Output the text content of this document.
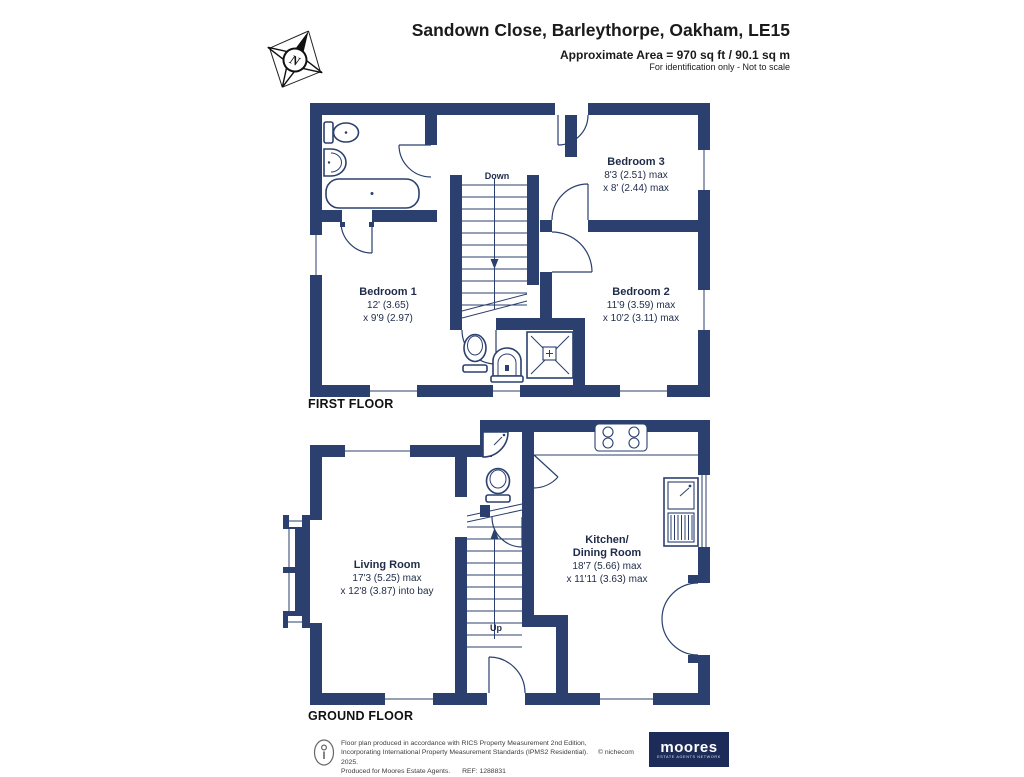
N
Sandown Close, Barleythorpe, Oakham, LE15
Approximate Area = 970 sq ft / 90.1 sq m
For identification only - Not to scale
Down
Bedroom 1
12' (3.65)
x 9'9 (2.97)
Bedroom 2
11'9 (3.59) max
x 10'2 (3.11) max
Bedroom 3
8'3 (2.51) max
x 8' (2.44) max
FIRST FLOOR
Up
Living Room
17'3 (5.25) max
x 12'8 (3.87) into bay
Kitchen/
Dining Room
18'7 (5.66) max
x 11'11 (3.63) max
GROUND FLOOR
Floor plan produced in accordance with RICS Property Measurement 2nd Edition,
Incorporating International Property Measurement Standards (IPMS2 Residential). © nichecom 2025.
Produced for Moores Estate Agents. REF: 1288831
moores
ESTATE AGENTS NETWORK
